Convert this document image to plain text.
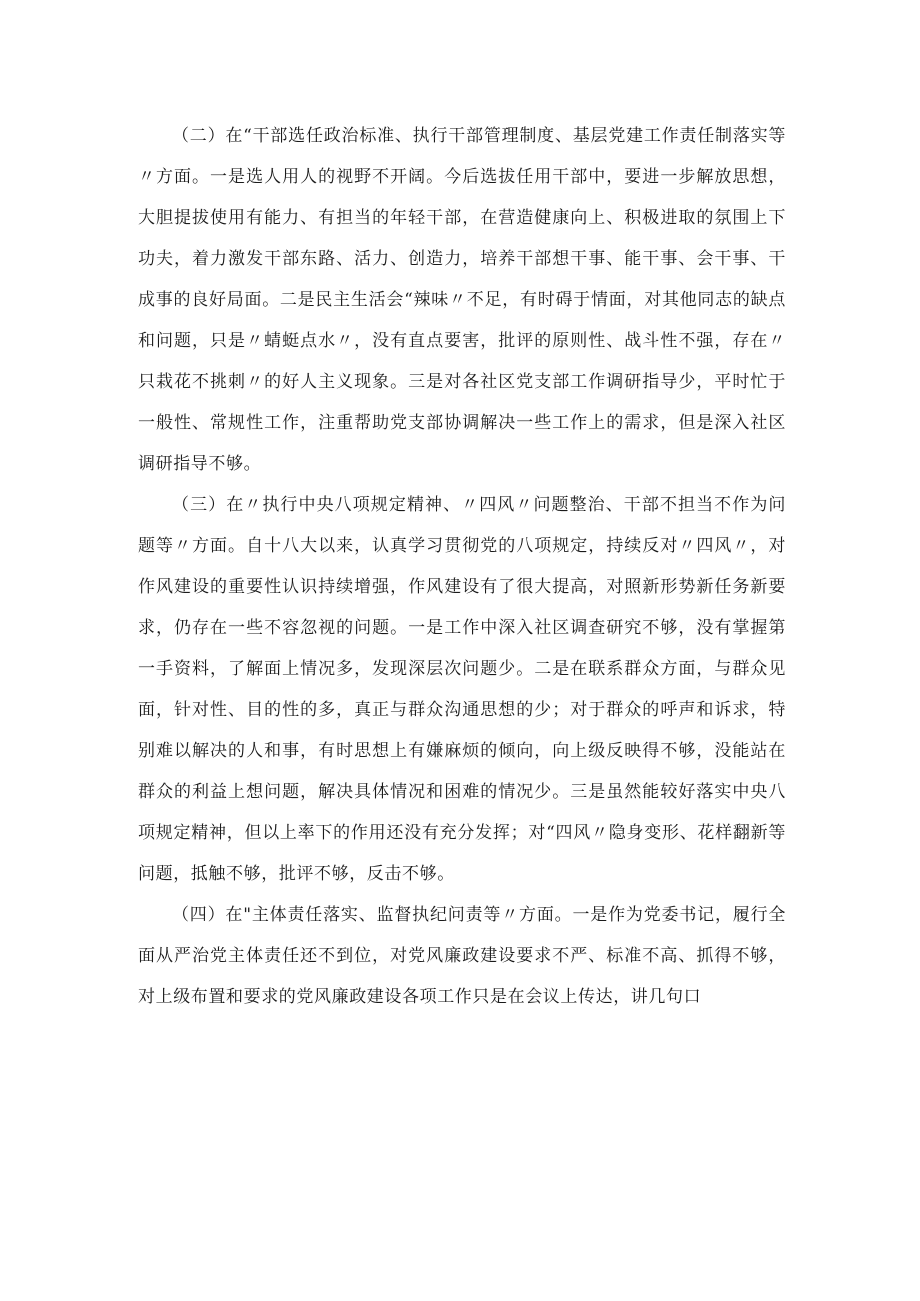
（二）在“干部选任政治标准、执行干部管理制度、基层党建工作责任制落实等〃方面。一是选人用人的视野不开阔。今后选拔任用干部中，要进一步解放思想，大胆提拔使用有能力、有担当的年轻干部，在营造健康向上、积极进取的氛围上下功夫，着力激发干部东路、活力、创造力，培养干部想干事、能干事、会干事、干成事的良好局面。二是民主生活会“辣味〃不足，有时碍于情面，对其他同志的缺点和问题，只是〃蜻蜓点水〃，没有直点要害，批评的原则性、战斗性不强，存在〃只栽花不挑刺〃的好人主义现象。三是对各社区党支部工作调研指导少，平时忙于一般性、常规性工作，注重帮助党支部协调解决一些工作上的需求，但是深入社区调研指导不够。

（三）在〃执行中央八项规定精神、〃四风〃问题整治、干部不担当不作为问题等〃方面。自十八大以来，认真学习贯彻党的八项规定，持续反对〃四风〃，对作风建设的重要性认识持续增强，作风建设有了很大提高，对照新形势新任务新要求，仍存在一些不容忽视的问题。一是工作中深入社区调查研究不够，没有掌握第一手资料，了解面上情况多，发现深层次问题少。二是在联系群众方面，与群众见面，针对性、目的性的多，真正与群众沟通思想的少；对于群众的呼声和诉求，特别难以解决的人和事，有时思想上有嫌麻烦的倾向，向上级反映得不够，没能站在群众的利益上想问题，解决具体情况和困难的情况少。三是虽然能较好落实中央八项规定精神，但以上率下的作用还没有充分发挥；对“四风〃隐身变形、花样翻新等问题，抵触不够，批评不够，反击不够。

（四）在"主体责任落实、监督执纪问责等〃方面。一是作为党委书记，履行全面从严治党主体责任还不到位，对党风廉政建设要求不严、标准不高、抓得不够，对上级布置和要求的党风廉政建设各项工作只是在会议上传达，讲几句口
